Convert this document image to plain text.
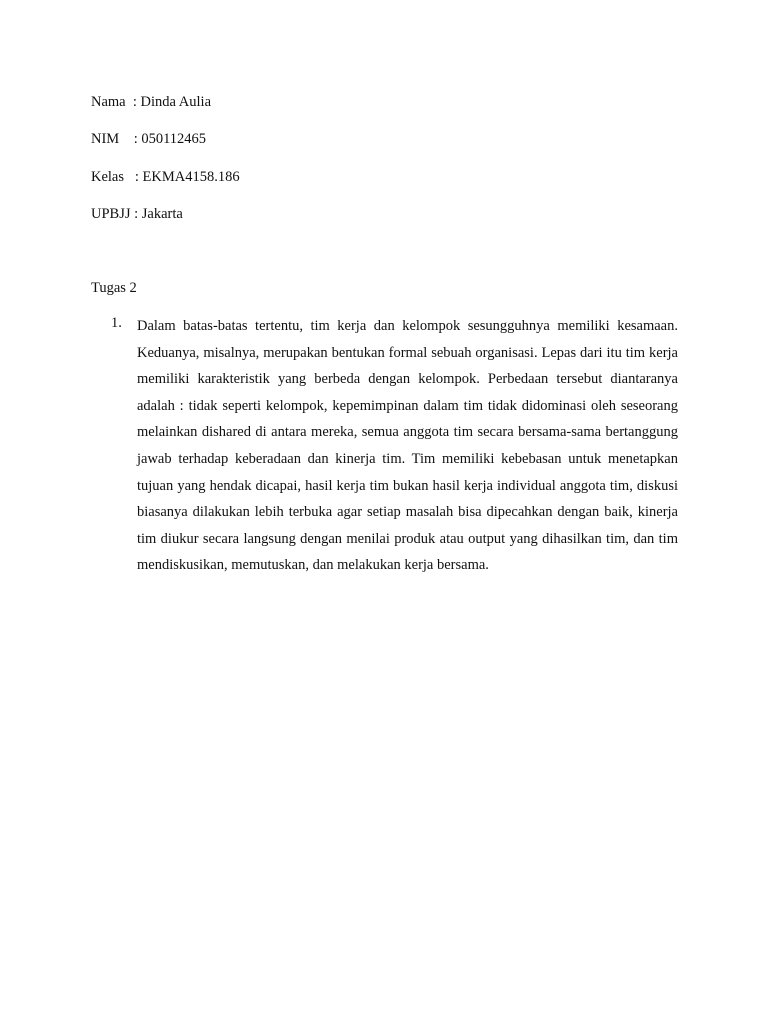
Nama  : Dinda Aulia
NIM    : 050112465
Kelas   : EKMA4158.186
UPBJJ : Jakarta
Tugas 2
1. Dalam batas-batas tertentu, tim kerja dan kelompok sesungguhnya memiliki kesamaan. Keduanya, misalnya, merupakan bentukan formal sebuah organisasi. Lepas dari itu tim kerja memiliki karakteristik yang berbeda dengan kelompok. Perbedaan tersebut diantaranya adalah : tidak seperti kelompok, kepemimpinan dalam tim tidak didominasi oleh seseorang melainkan dishared di antara mereka, semua anggota tim secara bersama-sama bertanggung jawab terhadap keberadaan dan kinerja tim. Tim memiliki kebebasan untuk menetapkan tujuan yang hendak dicapai, hasil kerja tim bukan hasil kerja individual anggota tim, diskusi biasanya dilakukan lebih terbuka agar setiap masalah bisa dipecahkan dengan baik, kinerja tim diukur secara langsung dengan menilai produk atau output yang dihasilkan tim, dan tim mendiskusikan, memutuskan, dan melakukan kerja bersama.
